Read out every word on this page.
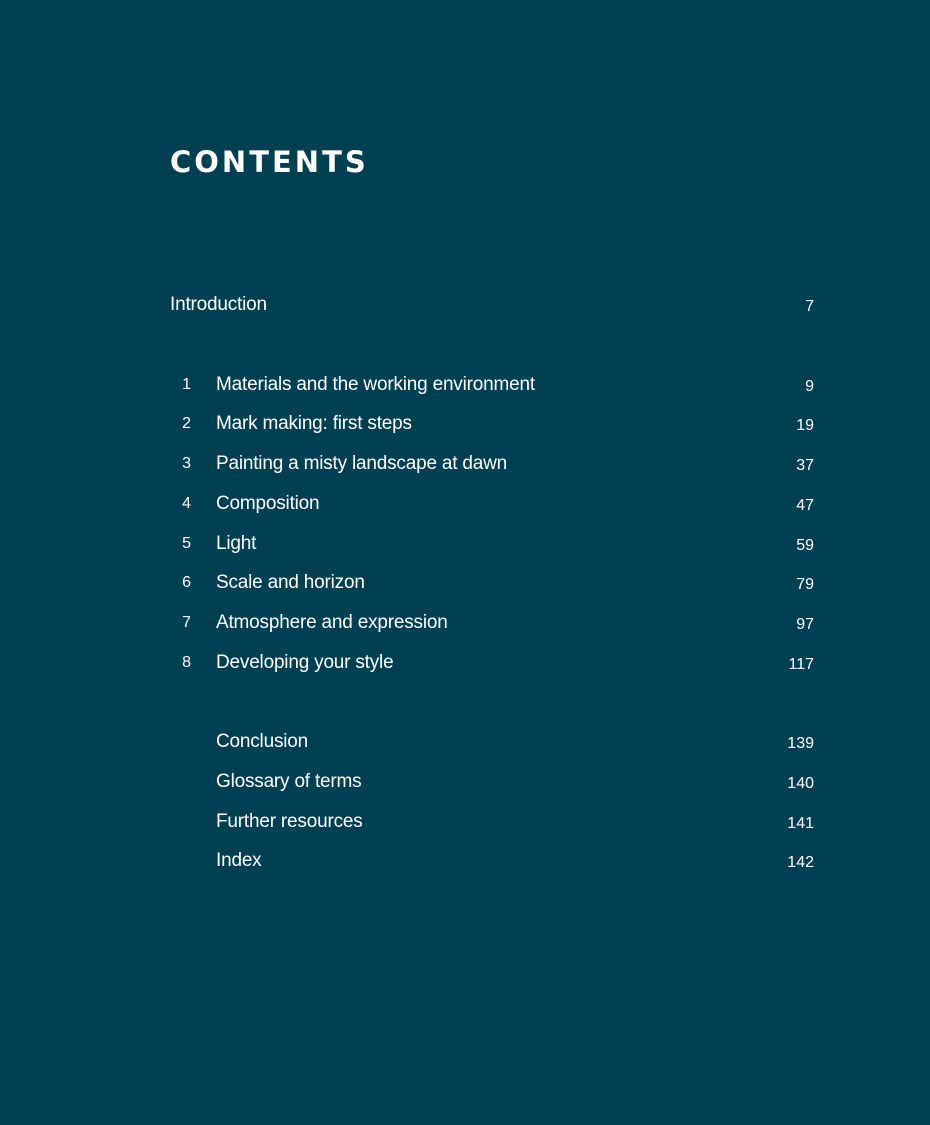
CONTENTS
Introduction	7
1 Materials and the working environment	9
2 Mark making: first steps	19
3 Painting a misty landscape at dawn	37
4 Composition	47
5 Light	59
6 Scale and horizon	79
7 Atmosphere and expression	97
8 Developing your style	117
Conclusion	139
Glossary of terms	140
Further resources	141
Index	142
